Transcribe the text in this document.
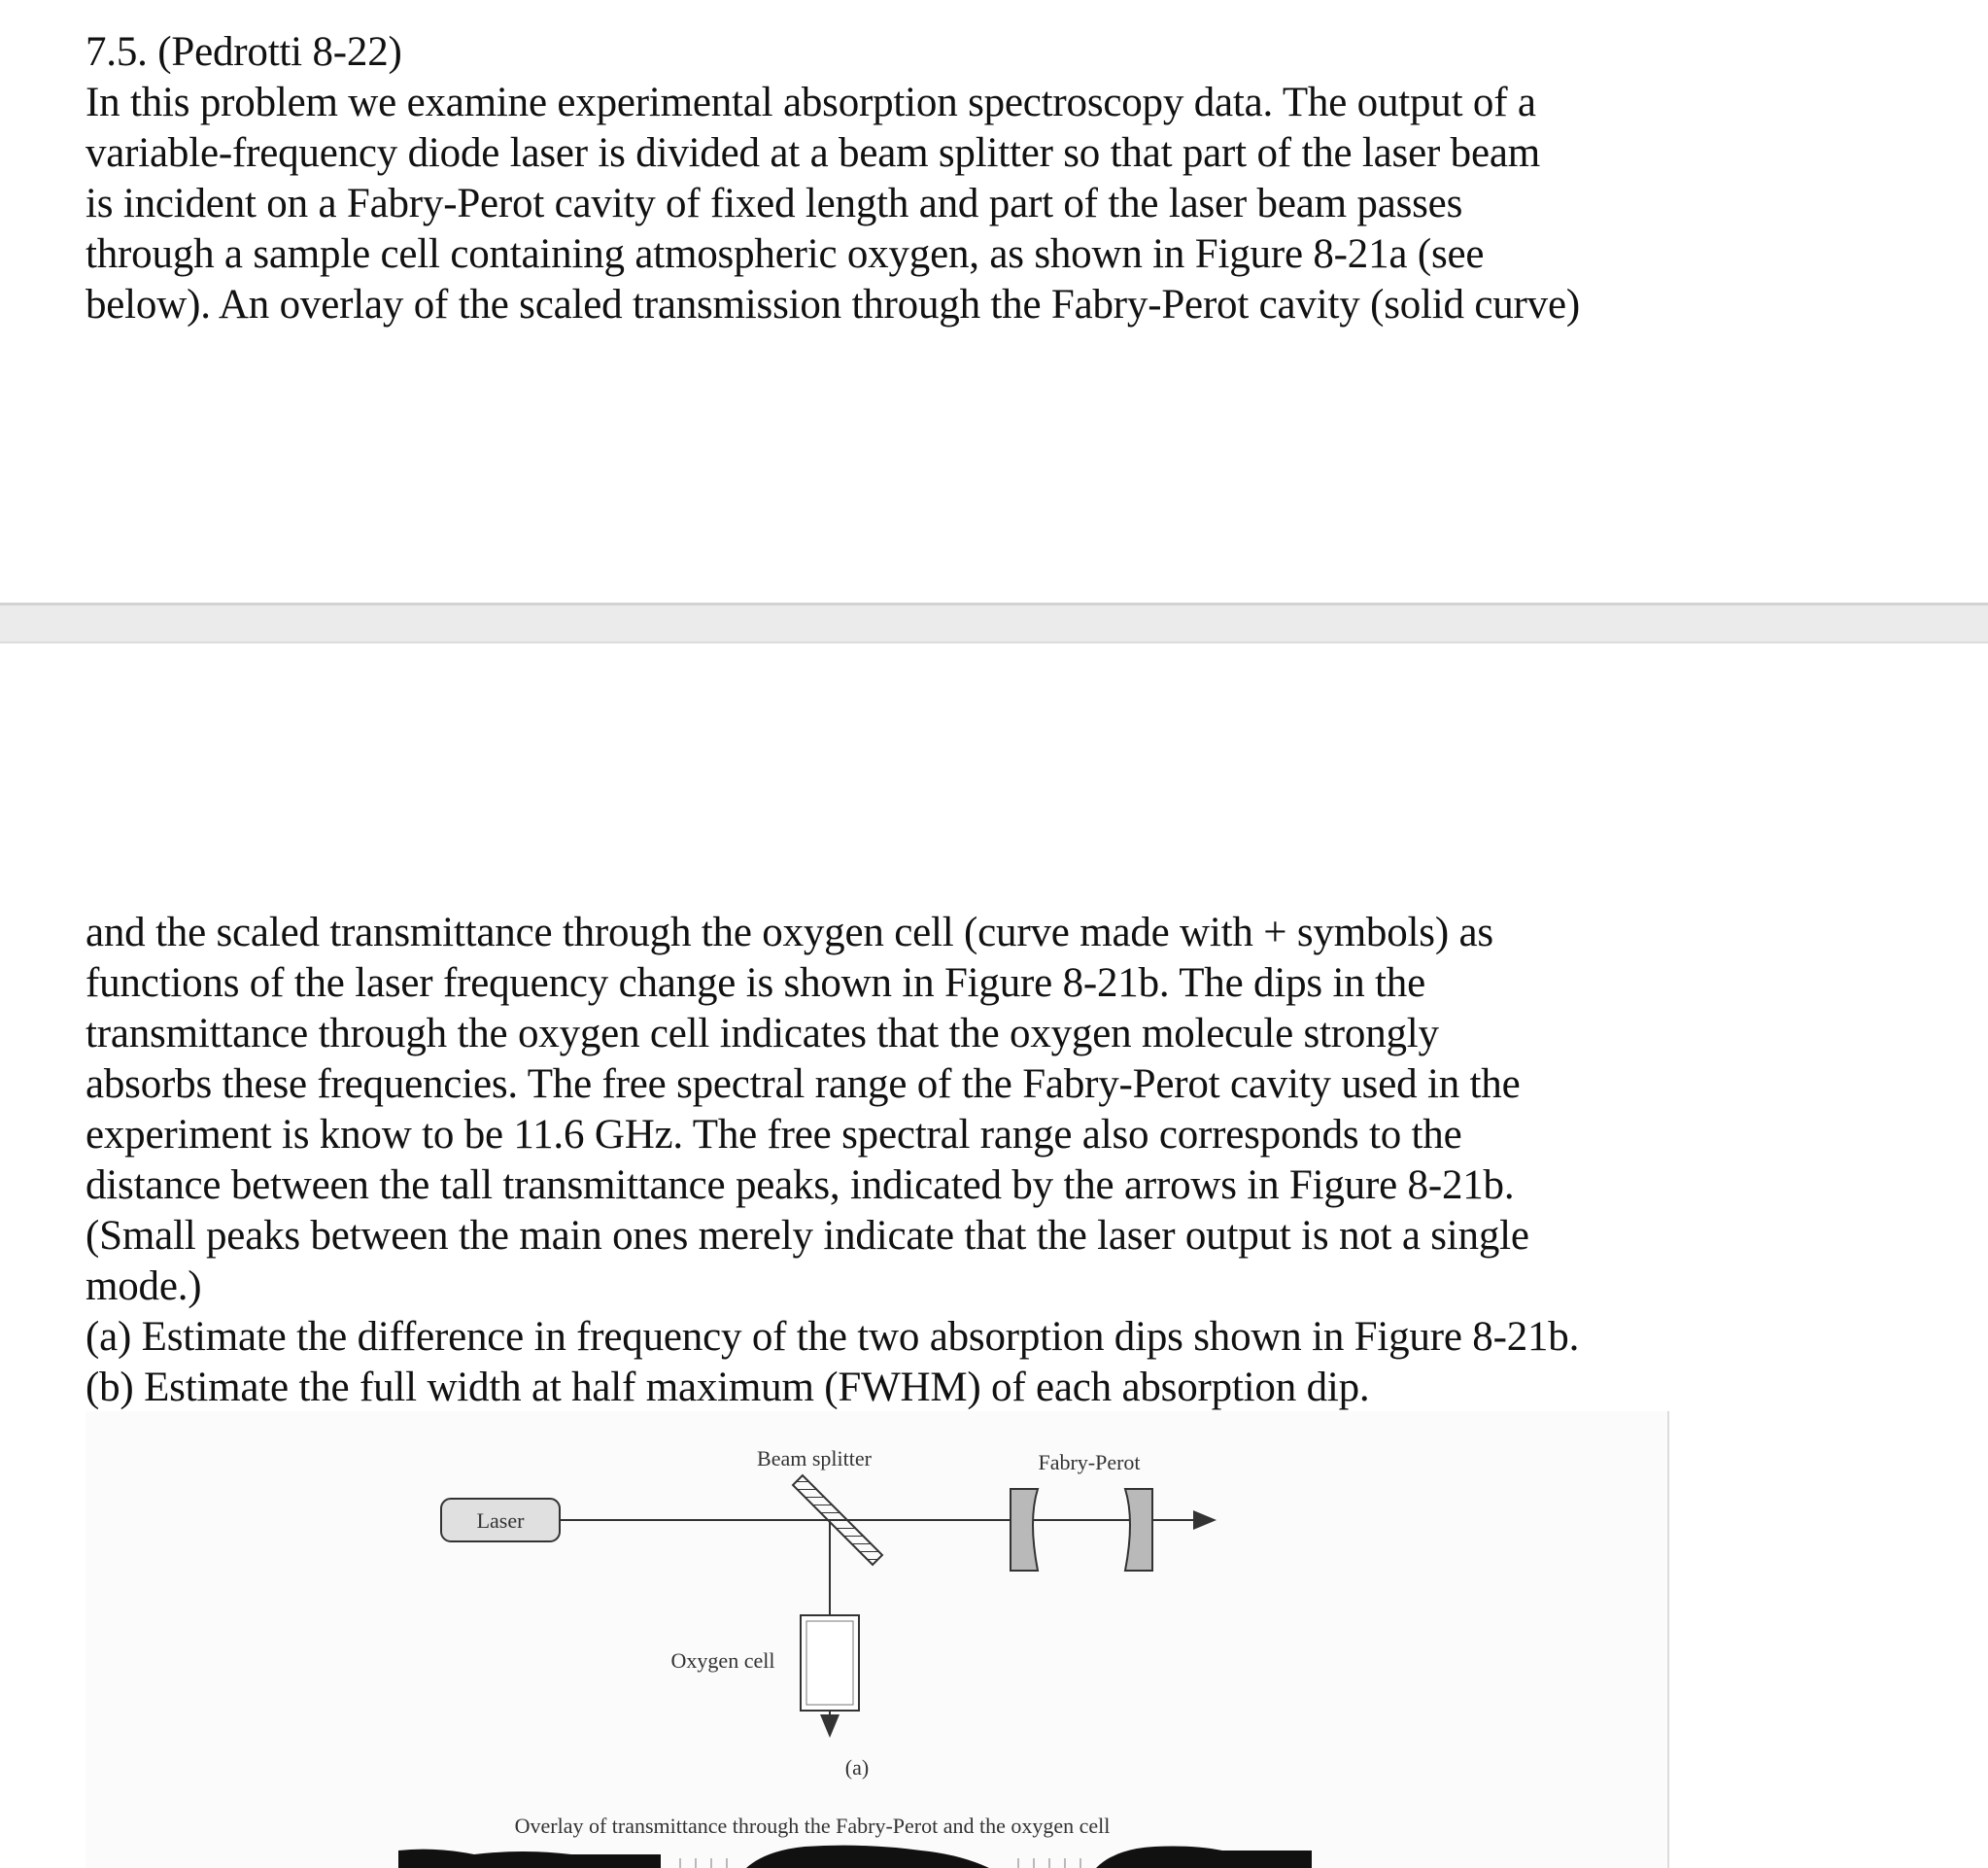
7.5. (Pedrotti 8-22)
In this problem we examine experimental absorption spectroscopy data. The output of a
variable-frequency diode laser is divided at a beam splitter so that part of the laser beam
is incident on a Fabry-Perot cavity of fixed length and part of the laser beam passes
through a sample cell containing atmospheric oxygen, as shown in Figure 8-21a (see
below). An overlay of the scaled transmission through the Fabry-Perot cavity (solid curve)
and the scaled transmittance through the oxygen cell (curve made with + symbols) as
functions of the laser frequency change is shown in Figure 8-21b. The dips in the
transmittance through the oxygen cell indicates that the oxygen molecule strongly
absorbs these frequencies. The free spectral range of the Fabry-Perot cavity used in the
experiment is know to be 11.6 GHz. The free spectral range also corresponds to the
distance between the tall transmittance peaks, indicated by the arrows in Figure 8-21b.
(Small peaks between the main ones merely indicate that the laser output is not a single
mode.)
(a) Estimate the difference in frequency of the two absorption dips shown in Figure 8-21b.
(b) Estimate the full width at half maximum (FWHM) of each absorption dip.
Beam splitter	Fabry-Perot
Laser
Oxygen cell
(a)
Overlay of transmittance through the Fabry-Perot and the oxygen cell
